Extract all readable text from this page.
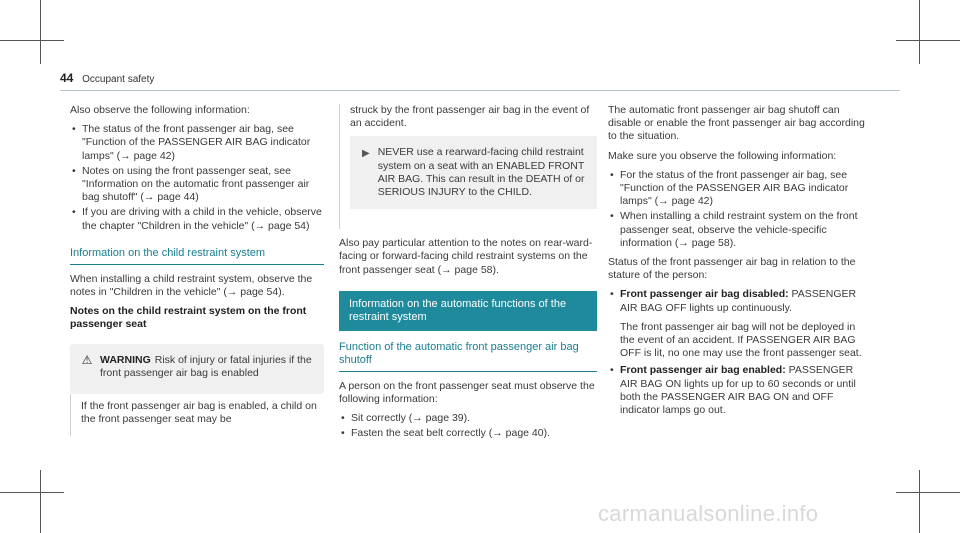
44 Occupant safety

Also observe the following information:

• The status of the front passenger air bag, see "Function of the PASSENGER AIR BAG indicator lamps" (→ page 42)
• Notes on using the front passenger seat, see "Information on the automatic front passenger air bag shutoff" (→ page 44)
• If you are driving with a child in the vehicle, observe the chapter "Children in the vehicle" (→ page 54)
Information on the child restraint system

When installing a child restraint system, observe the notes in "Children in the vehicle" (→ page 54).

Notes on the child restraint system on the front passenger seat
⚠ WARNING Risk of injury or fatal injuries if the front passenger air bag is enabled
If the front passenger air bag is enabled, a child on the front passenger seat may be

struck by the front passenger air bag in the event of an accident.

▶ NEVER use a rearward-facing child restraint system on a seat with an ENABLED FRONT AIR BAG. This can result in the DEATH of or SERIOUS INJURY to the CHILD.

Also pay particular attention to the notes on rear-ward-facing or forward-facing child restraint systems on the front passenger seat (→ page 58).

Information on the automatic functions of the restraint system
Function of the automatic front passenger air bag shutoff

A person on the front passenger seat must observe the following information:

• Sit correctly (→ page 39).
• Fasten the seat belt correctly (→ page 40).

The automatic front passenger air bag shutoff can disable or enable the front passenger air bag according to the situation.

Make sure you observe the following information:

• For the status of the front passenger air bag, see "Function of the PASSENGER AIR BAG indicator lamps" (→ page 42)
• When installing a child restraint system on the front passenger seat, observe the vehicle-specific information (→ page 58).

Status of the front passenger air bag in relation to the stature of the person:

• Front passenger air bag disabled: PASSENGER AIR BAG OFF lights up continuously.
The front passenger air bag will not be deployed in the event of an accident. If PASSENGER AIR BAG OFF is lit, no one may use the front passenger seat.
• Front passenger air bag enabled: PASSENGER AIR BAG ON lights up for up to 60 seconds or until both the PASSENGER AIR BAG ON and OFF indicator lamps go out.
carmanualsonline.info
